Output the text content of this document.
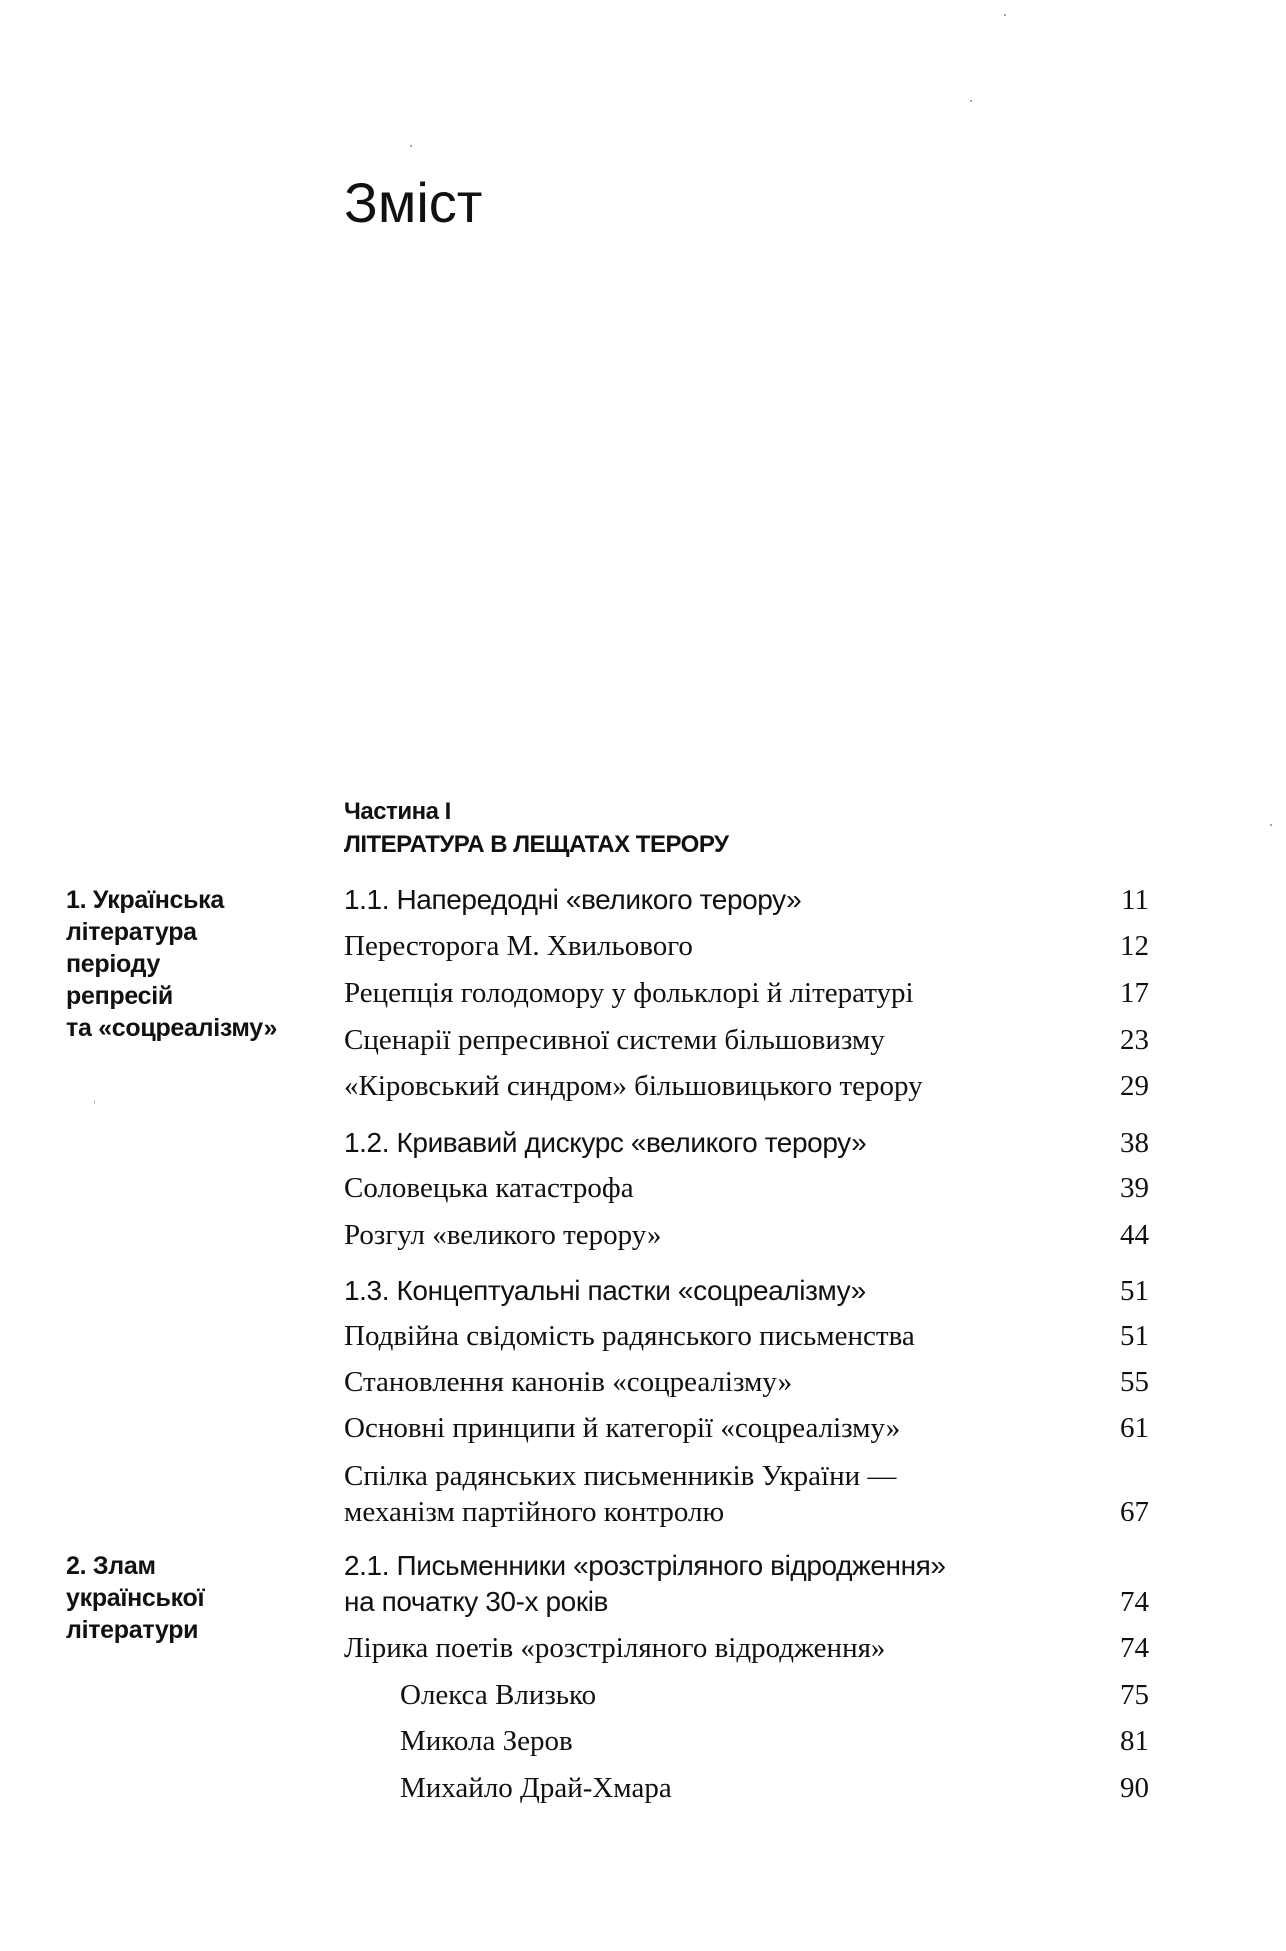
Зміст
Частина I
ЛІТЕРАТУРА В ЛЕЩАТАХ ТЕРОРУ
1. Українська
література
періоду
репресій
та «соцреалізму»
2. Злам
української
літератури
1.1. Напередодні «великого терору»	11
Пересторога М. Хвильового	12
Рецепція голодомору у фольклорі й літературі	17
Сценарії репресивної системи більшовизму	23
«Кіровський синдром» більшовицького терору	29
1.2. Кривавий дискурс «великого терору»	38
Соловецька катастрофа	39
Розгул «великого терору»	44
1.3. Концептуальні пастки «соцреалізму»	51
Подвійна свідомість радянського письменства	51
Становлення канонів «соцреалізму»	55
Основні принципи й категорії «соцреалізму»	61
Спілка радянських письменників України —
механізм партійного контролю	67
2.1. Письменники «розстріляного відродження»
на початку 30-х років	74
Лірика поетів «розстріляного відродження»	74
Олекса Влизько	75
Микола Зеров	81
Михайло Драй-Хмара	90
